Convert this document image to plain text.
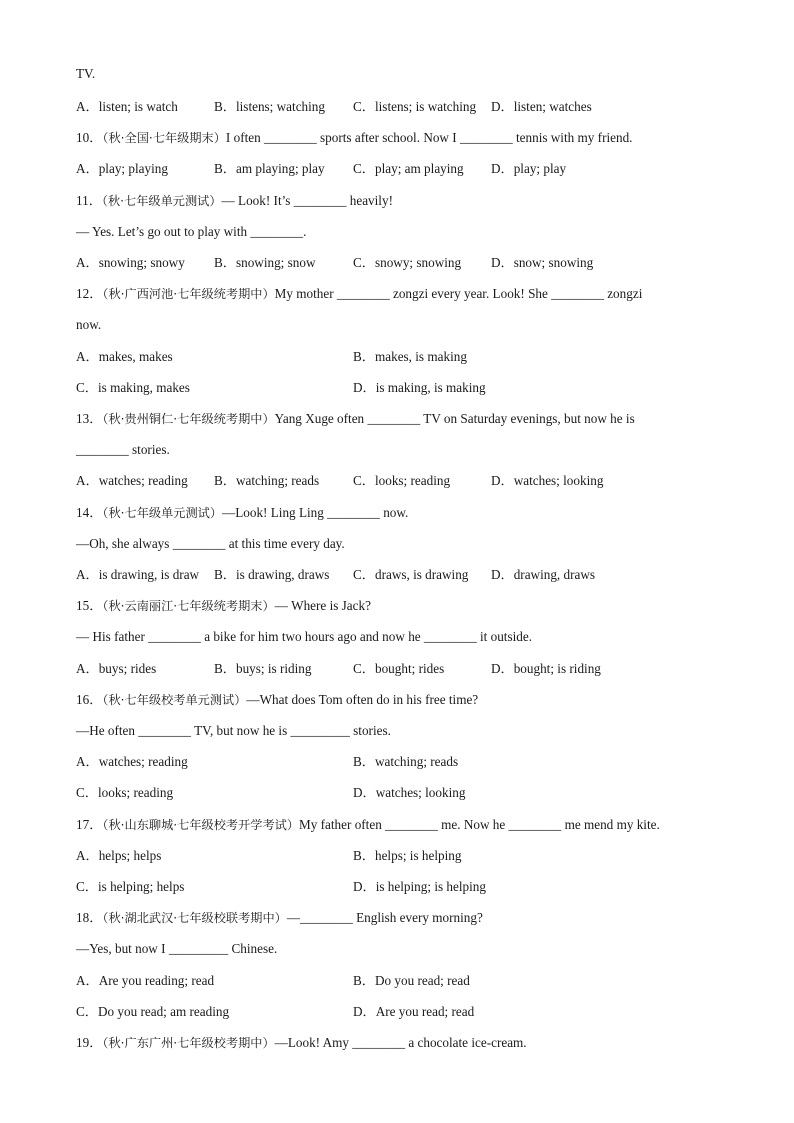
TV.
A．listen; is watch	B．listens; watching C．listens; is watching D．listen; watches
10．（秋·全国·七年级期末）I often ________ sports after school. Now I ________ tennis with my friend.
A．play; playing	B．am playing; play C．play; am playing D．play; play
11．（秋·七年级单元测试）— Look! It’s ________ heavily!
— Yes. Let’s go out to play with ________.
A．snowing; snowy B．snowing; snow	C．snowy; snowing D．snow; snowing
12．（秋·广西河池·七年级统考期中）My mother ________ zongzi every year. Look! She ________ zongzi
now.
A．makes, makes	B．makes, is making
C．is making, makes	D．is making, is making
13．（秋·贵州铜仁·七年级统考期中）Yang Xuge often ________ TV on Saturday evenings, but now he is
________ stories.
A．watches; reading B．watching; reads	C．looks; reading	D．watches; looking
14．（秋·七年级单元测试）—Look! Ling Ling ________ now.
—Oh, she always ________ at this time every day.
A．is drawing, is draw B．is drawing, draws C．draws, is drawing D．drawing, draws
15．（秋·云南丽江·七年级统考期末）— Where is Jack?
— His father ________ a bike for him two hours ago and now he ________ it outside.
A．buys; rides	B．buys; is riding	C．bought; rides	D．bought; is riding
16．（秋·七年级校考单元测试）—What does Tom often do in his free time?
—He often ________ TV, but now he is _________ stories.
A．watches; reading	B．watching; reads
C．looks; reading	D．watches; looking
17．（秋·山东聊城·七年级校考开学考试）My father often ________ me. Now he ________ me mend my kite.
A．helps; helps	B．helps; is helping
C．is helping; helps	D．is helping; is helping
18．（秋·湖北武汉·七年级校联考期中）—________ English every morning?
—Yes, but now I _________ Chinese.
A．Are you reading; read	B．Do you read; read
C．Do you read; am reading	D．Are you read; read
19．（秋·广东广州·七年级校考期中）—Look! Amy ________ a chocolate ice-cream.
